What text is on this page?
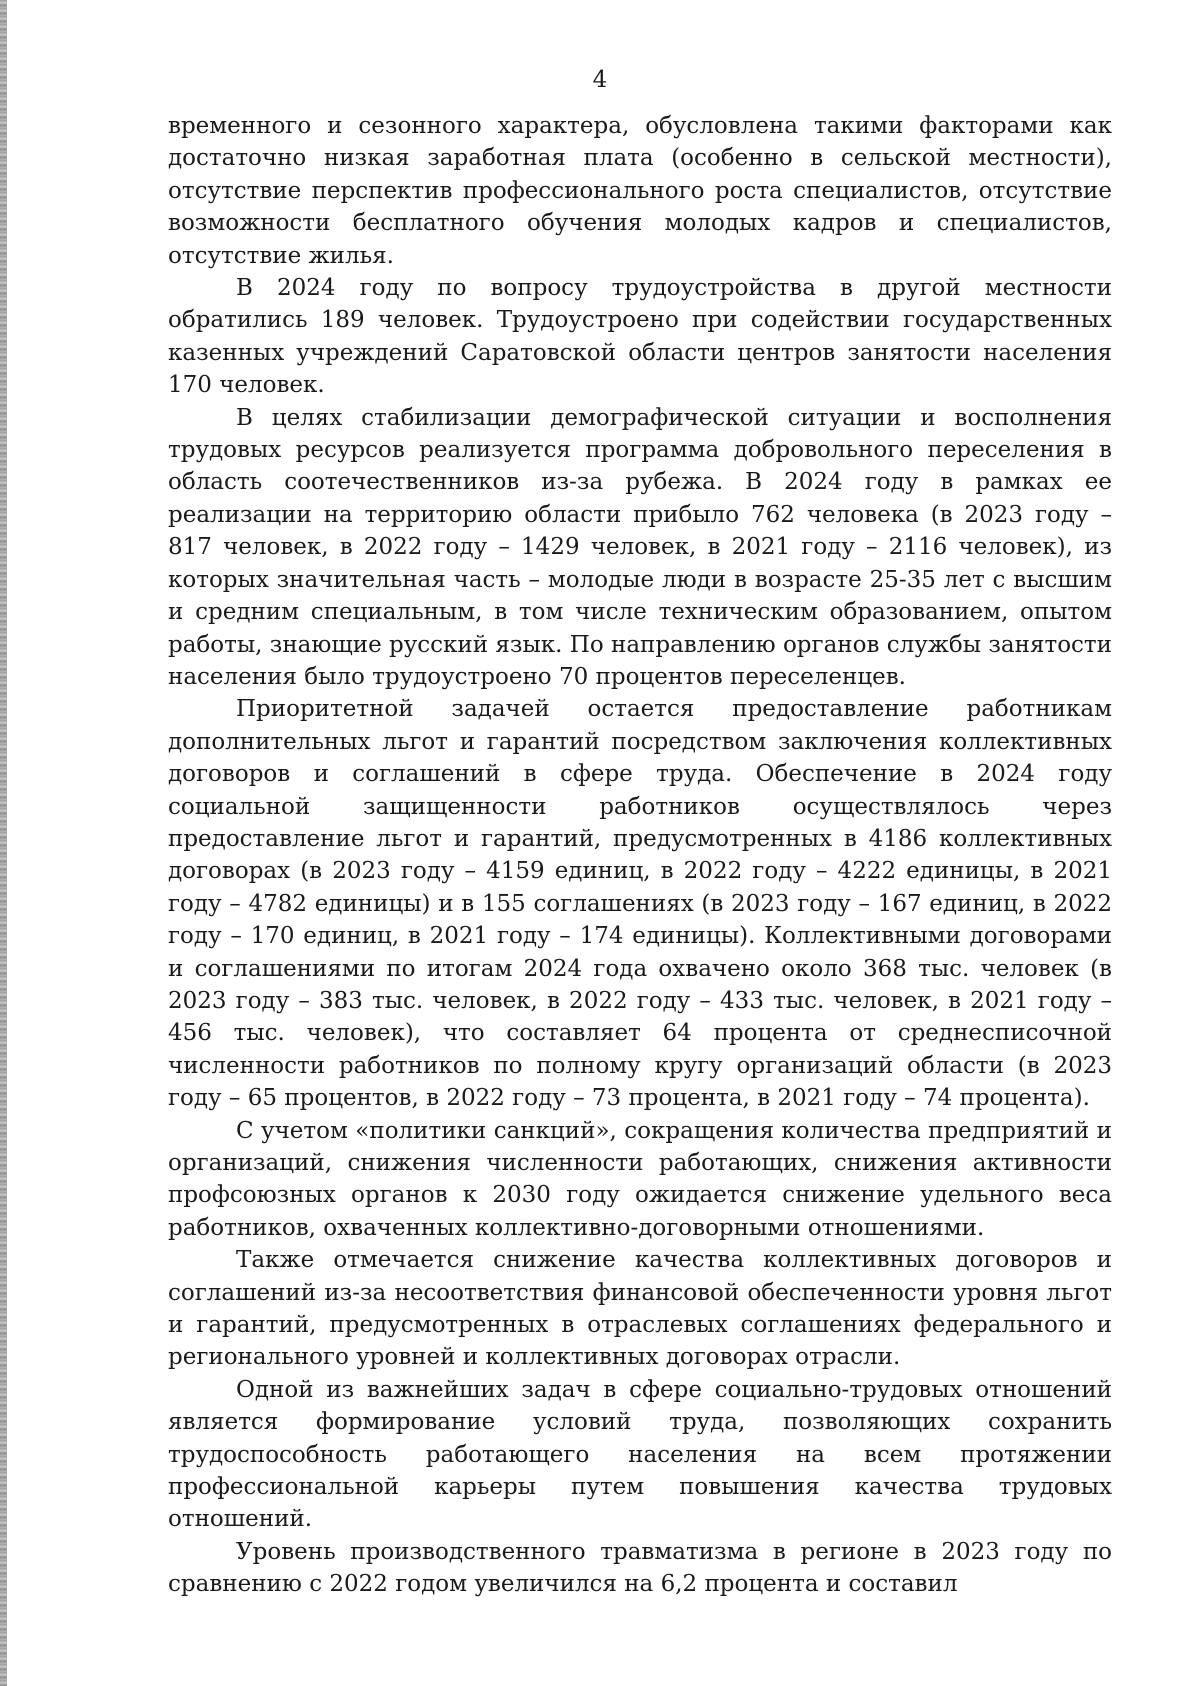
4

временного и сезонного характера, обусловлена такими факторами как достаточно низкая заработная плата (особенно в сельской местности), отсутствие перспектив профессионального роста специалистов, отсутствие возможности бесплатного обучения молодых кадров и специалистов, отсутствие жилья.

В 2024 году по вопросу трудоустройства в другой местности обратились 189 человек. Трудоустроено при содействии государственных казенных учреждений Саратовской области центров занятости населения 170 человек.

В целях стабилизации демографической ситуации и восполнения трудовых ресурсов реализуется программа добровольного переселения в область соотечественников из-за рубежа. В 2024 году в рамках ее реализации на территорию области прибыло 762 человека (в 2023 году – 817 человек, в 2022 году – 1429 человек, в 2021 году – 2116 человек), из которых значительная часть – молодые люди в возрасте 25-35 лет с высшим и средним специальным, в том числе техническим образованием, опытом работы, знающие русский язык. По направлению органов службы занятости населения было трудоустроено 70 процентов переселенцев.

Приоритетной задачей остается предоставление работникам дополнительных льгот и гарантий посредством заключения коллективных договоров и соглашений в сфере труда. Обеспечение в 2024 году социальной защищенности работников осуществлялось через предоставление льгот и гарантий, предусмотренных в 4186 коллективных договорах (в 2023 году – 4159 единиц, в 2022 году – 4222 единицы, в 2021 году – 4782 единицы) и в 155 соглашениях (в 2023 году – 167 единиц, в 2022 году – 170 единиц, в 2021 году – 174 единицы). Коллективными договорами и соглашениями по итогам 2024 года охвачено около 368 тыс. человек (в 2023 году – 383 тыс. человек, в 2022 году – 433 тыс. человек, в 2021 году – 456 тыс. человек), что составляет 64 процента от среднесписочной численности работников по полному кругу организаций области (в 2023 году – 65 процентов, в 2022 году – 73 процента, в 2021 году – 74 процента).

С учетом «политики санкций», сокращения количества предприятий и организаций, снижения численности работающих, снижения активности профсоюзных органов к 2030 году ожидается снижение удельного веса работников, охваченных коллективно-договорными отношениями.

Также отмечается снижение качества коллективных договоров и соглашений из-за несоответствия финансовой обеспеченности уровня льгот и гарантий, предусмотренных в отраслевых соглашениях федерального и регионального уровней и коллективных договорах отрасли.

Одной из важнейших задач в сфере социально-трудовых отношений является формирование условий труда, позволяющих сохранить трудоспособность работающего населения на всем протяжении профессиональной карьеры путем повышения качества трудовых отношений.

Уровень производственного травматизма в регионе в 2023 году по сравнению с 2022 годом увеличился на 6,2 процента и составил
